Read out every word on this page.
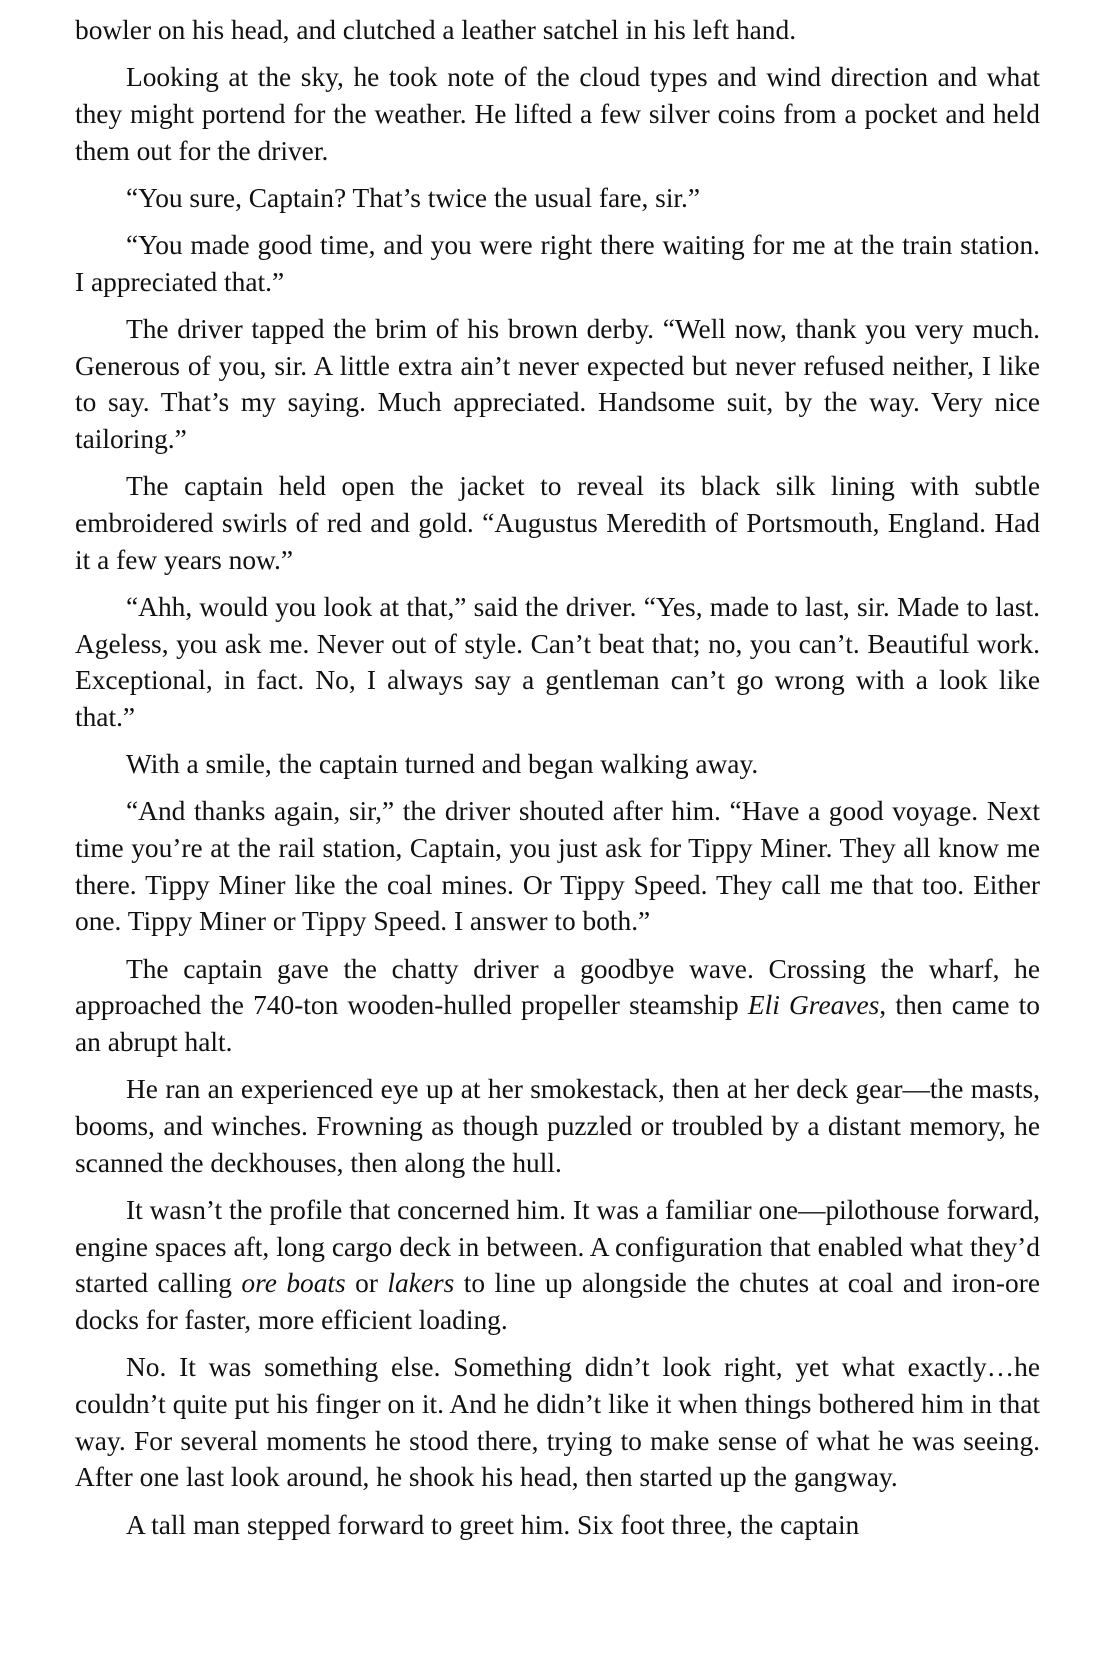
bowler on his head, and clutched a leather satchel in his left hand.

Looking at the sky, he took note of the cloud types and wind direction and what they might portend for the weather. He lifted a few silver coins from a pocket and held them out for the driver.

“You sure, Captain? That’s twice the usual fare, sir.”

“You made good time, and you were right there waiting for me at the train station. I appreciated that.”

The driver tapped the brim of his brown derby. “Well now, thank you very much. Generous of you, sir. A little extra ain’t never expected but never refused neither, I like to say. That’s my saying. Much appreciated. Handsome suit, by the way. Very nice tailoring.”

The captain held open the jacket to reveal its black silk lining with subtle embroidered swirls of red and gold. “Augustus Meredith of Portsmouth, England. Had it a few years now.”

“Ahh, would you look at that,” said the driver. “Yes, made to last, sir. Made to last. Ageless, you ask me. Never out of style. Can’t beat that; no, you can’t. Beautiful work. Exceptional, in fact. No, I always say a gentleman can’t go wrong with a look like that.”

With a smile, the captain turned and began walking away.

“And thanks again, sir,” the driver shouted after him. “Have a good voyage. Next time you’re at the rail station, Captain, you just ask for Tippy Miner. They all know me there. Tippy Miner like the coal mines. Or Tippy Speed. They call me that too. Either one. Tippy Miner or Tippy Speed. I answer to both.”

The captain gave the chatty driver a goodbye wave. Crossing the wharf, he approached the 740-ton wooden-hulled propeller steamship Eli Greaves, then came to an abrupt halt.

He ran an experienced eye up at her smokestack, then at her deck gear—the masts, booms, and winches. Frowning as though puzzled or troubled by a distant memory, he scanned the deckhouses, then along the hull.

It wasn’t the profile that concerned him. It was a familiar one—pilothouse forward, engine spaces aft, long cargo deck in between. A configuration that enabled what they’d started calling ore boats or lakers to line up alongside the chutes at coal and iron-ore docks for faster, more efficient loading.

No. It was something else. Something didn’t look right, yet what exactly…he couldn’t quite put his finger on it. And he didn’t like it when things bothered him in that way. For several moments he stood there, trying to make sense of what he was seeing. After one last look around, he shook his head, then started up the gangway.

A tall man stepped forward to greet him. Six foot three, the captain
